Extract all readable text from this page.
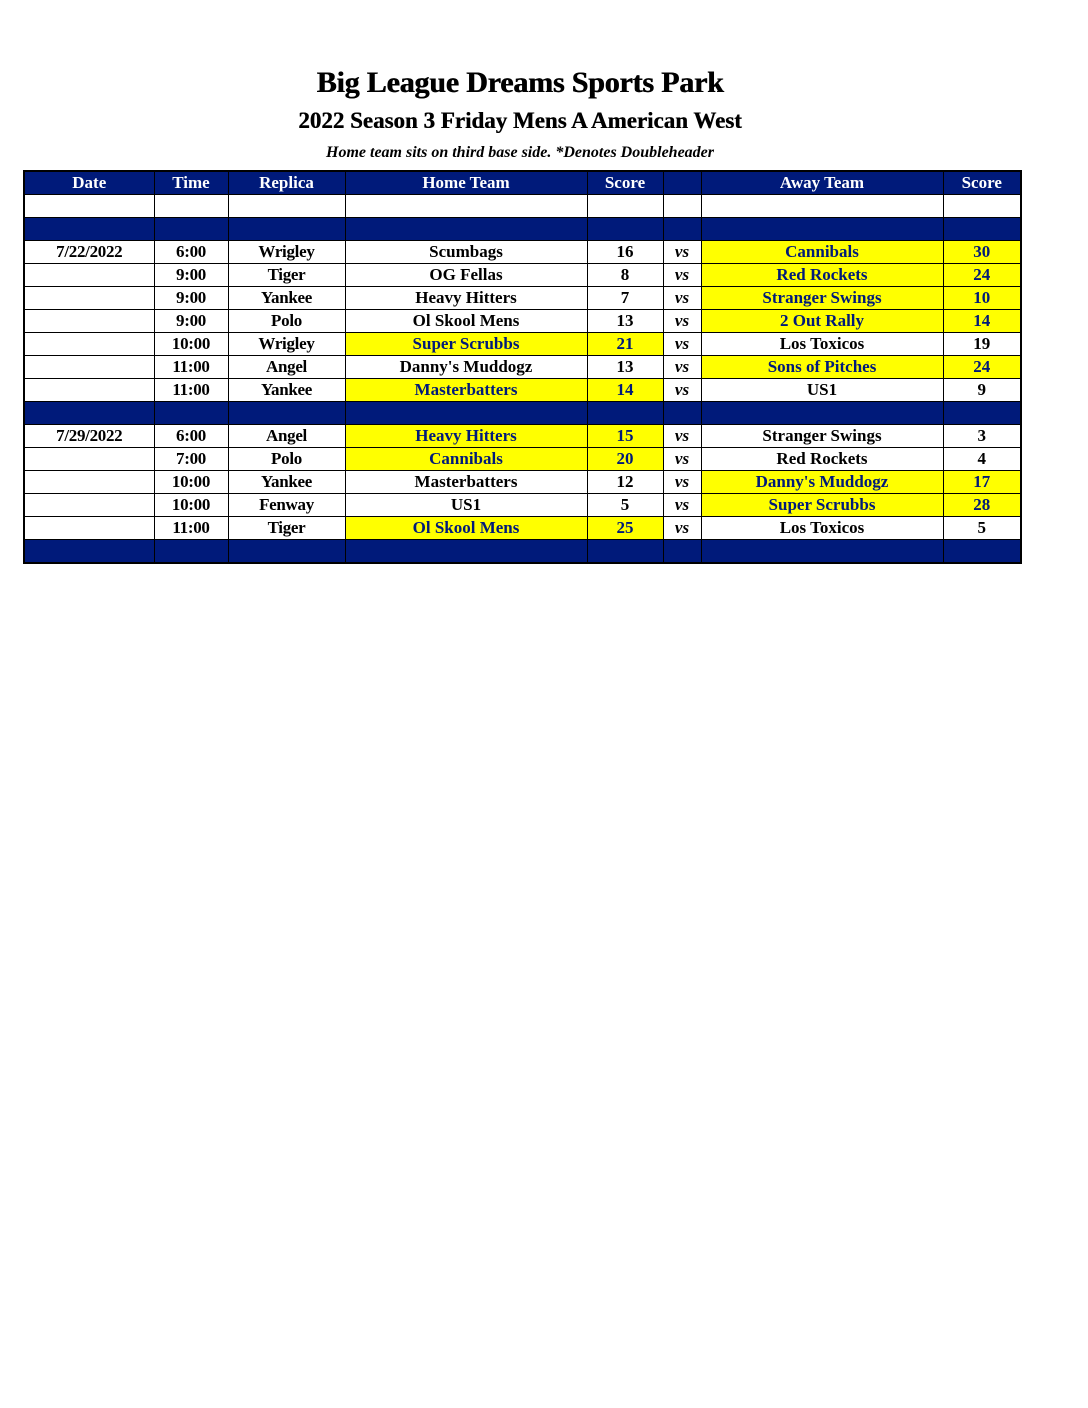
Big League Dreams Sports Park
2022 Season 3 Friday Mens A American West
Home team sits on third base side. *Denotes Doubleheader
Date	Time	Replica	Home Team	Score		Away Team	Score

7/22/2022	6:00	Wrigley	Scumbags	16	vs	Cannibals	30
	9:00	Tiger	OG Fellas	8	vs	Red Rockets	24
	9:00	Yankee	Heavy Hitters	7	vs	Stranger Swings	10
	9:00	Polo	Ol Skool Mens	13	vs	2 Out Rally	14
	10:00	Wrigley	Super Scrubbs	21	vs	Los Toxicos	19
	11:00	Angel	Danny's Muddogz	13	vs	Sons of Pitches	24
	11:00	Yankee	Masterbatters	14	vs	US1	9

7/29/2022	6:00	Angel	Heavy Hitters	15	vs	Stranger Swings	3
	7:00	Polo	Cannibals	20	vs	Red Rockets	4
	10:00	Yankee	Masterbatters	12	vs	Danny's Muddogz	17
	10:00	Fenway	US1	5	vs	Super Scrubbs	28
	11:00	Tiger	Ol Skool Mens	25	vs	Los Toxicos	5
